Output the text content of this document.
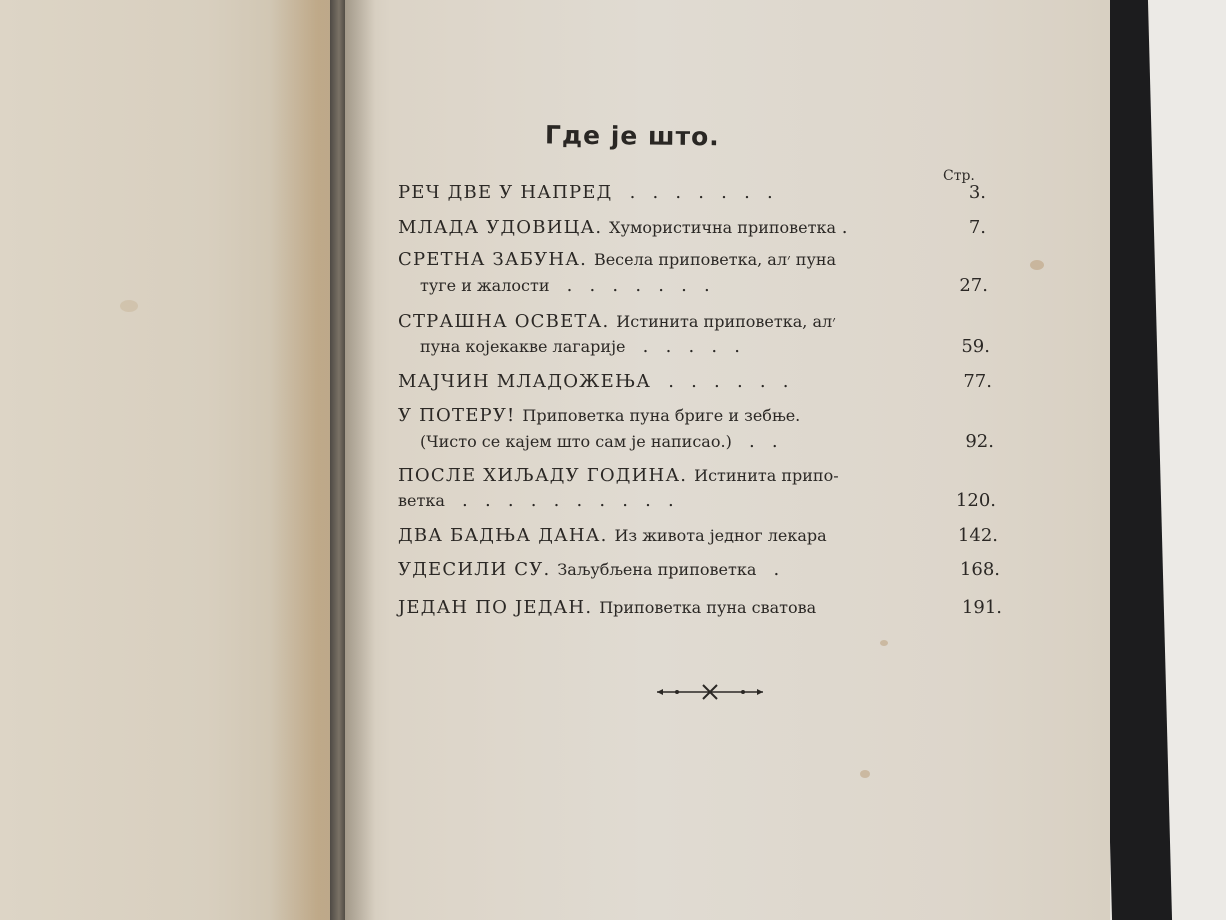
Где је што.
Стр.
РЕЧ ДВЕ У НАПРЕД   .   .   .   .   .   .   .	3.
МЛАДА УДОВИЦА. Хумористична приповетка .	7.
СРЕТНА ЗАБУНА. Весела приповетка, ал׳ пуна
туге и жалости   .   .   .   .   .   .   .	27.
СТРАШНА ОСВЕТА. Истинита приповетка, ал׳
пуна којекакве лагарије   .   .   .   .   .	59.
МАЈЧИН МЛАДОЖЕЊА   .   .   .   .   .   .	77.
У ПОТЕРУ! Приповетка пуна бриге и зебње.
(Чисто се кајем што сам је написао.)   .   .	92.
ПОСЛЕ ХИЉАДУ ГОДИНА. Истинита припо-
ветка   .   .   .   .   .   .   .   .   .   .	120.
ДВА БАДЊА ДАНА. Из живота једног лекара	142.
УДЕСИЛИ СУ. Заљубљена приповетка   .	168.
ЈЕДАН ПО ЈЕДАН. Приповетка пуна сватова	191.
